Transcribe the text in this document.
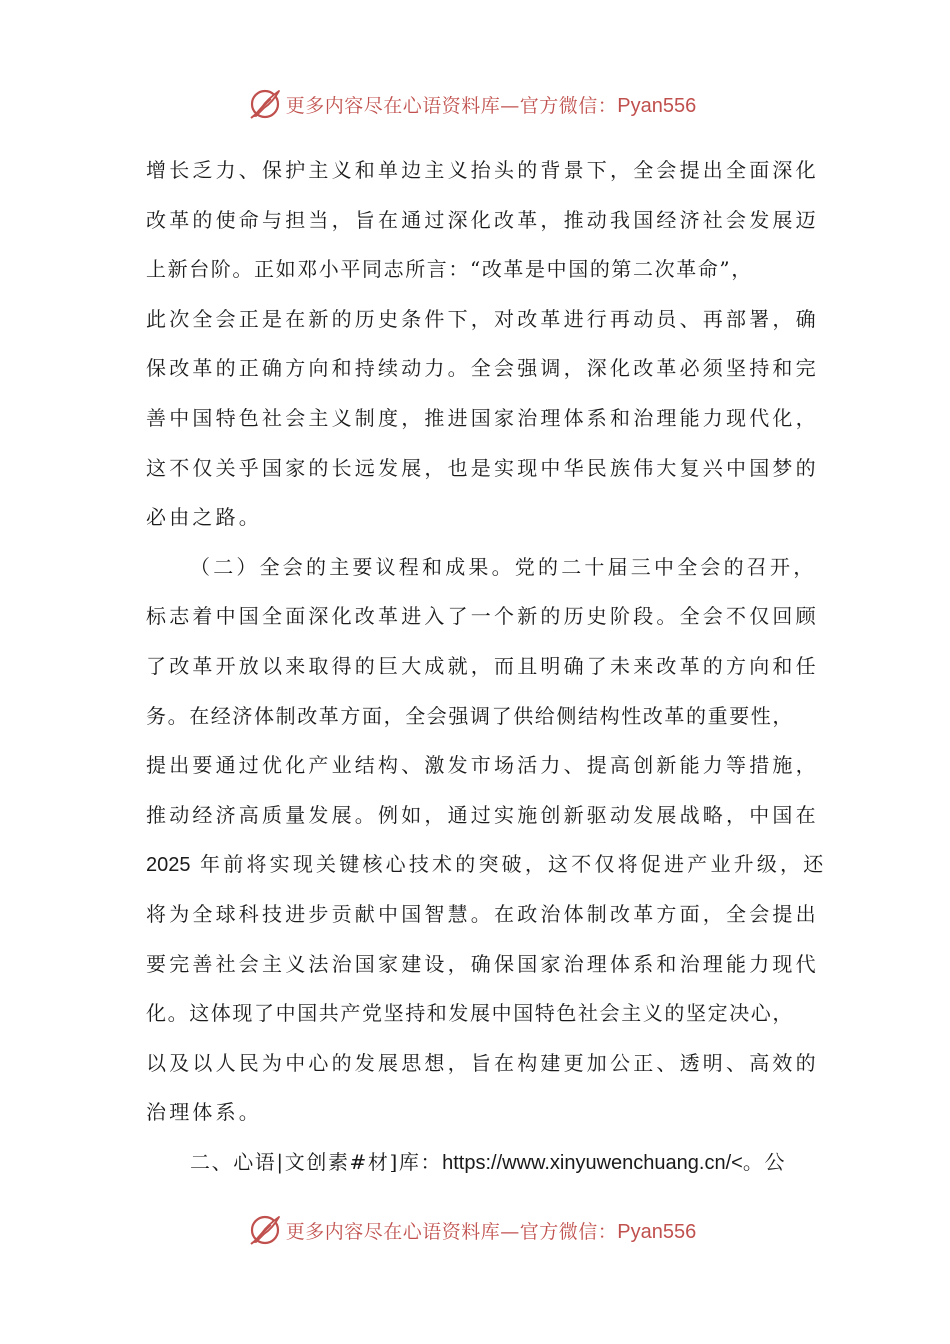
更多内容尽在心语资料库—官方微信：Pyan556
增长乏力、保护主义和单边主义抬头的背景下，全会提出全面深化
改革的使命与担当，旨在通过深化改革，推动我国经济社会发展迈
上新台阶。正如邓小平同志所言：“改革是中国的第二次革命”，
此次全会正是在新的历史条件下，对改革进行再动员、再部署，确
保改革的正确方向和持续动力。全会强调，深化改革必须坚持和完
善中国特色社会主义制度，推进国家治理体系和治理能力现代化，
这不仅关乎国家的长远发展，也是实现中华民族伟大复兴中国梦的
必由之路。
（二）全会的主要议程和成果。党的二十届三中全会的召开，
标志着中国全面深化改革进入了一个新的历史阶段。全会不仅回顾
了改革开放以来取得的巨大成就，而且明确了未来改革的方向和任
务。在经济体制改革方面，全会强调了供给侧结构性改革的重要性，
提出要通过优化产业结构、激发市场活力、提高创新能力等措施，
推动经济高质量发展。例如，通过实施创新驱动发展战略，中国在
2025 年前将实现关键核心技术的突破，这不仅将促进产业升级，还
将为全球科技进步贡献中国智慧。在政治体制改革方面，全会提出
要完善社会主义法治国家建设，确保国家治理体系和治理能力现代
化。这体现了中国共产党坚持和发展中国特色社会主义的坚定决心，
以及以人民为中心的发展思想，旨在构建更加公正、透明、高效的
治理体系。
二、心语|文创素#材]库：https://www.xinyuwenchuang.cn/<。公
更多内容尽在心语资料库—官方微信：Pyan556
